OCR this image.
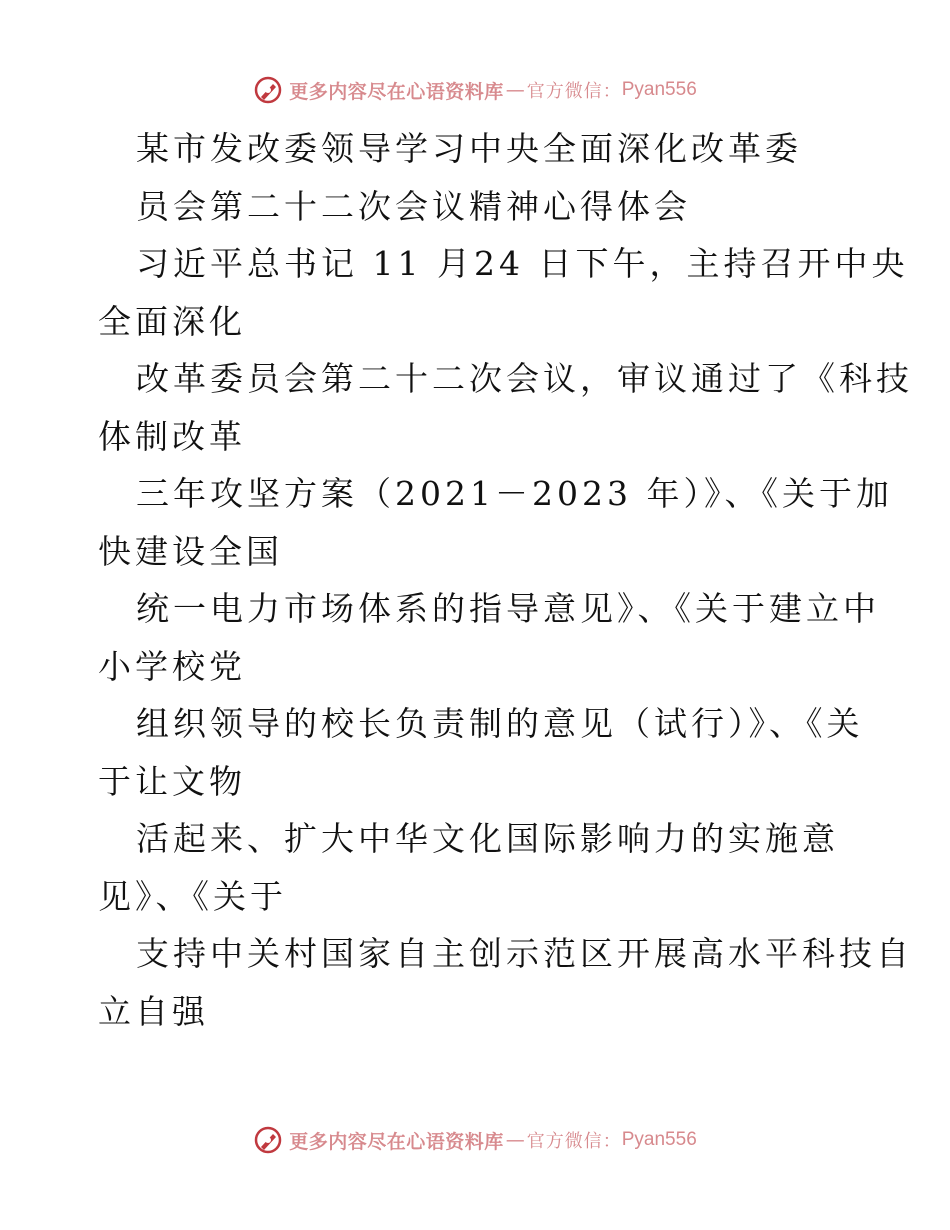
更多内容尽在心语资料库 — 官方微信： Pyan556
某市发改委领导学习中央全面深化改革委
员会第二十二次会议精神心得体会
习近平总书记 11 月24 日下午，主持召开中央
全面深化
改革委员会第二十二次会议，审议通过了《科技
体制改革
三年攻坚方案（2021－2023 年）》、《关于加
快建设全国
统一电力市场体系的指导意见》、《关于建立中
小学校党
组织领导的校长负责制的意见（试行）》、《关
于让文物
活起来、扩大中华文化国际影响力的实施意
见》、《关于
支持中关村国家自主创示范区开展高水平科技自
立自强
更多内容尽在心语资料库 — 官方微信： Pyan556
